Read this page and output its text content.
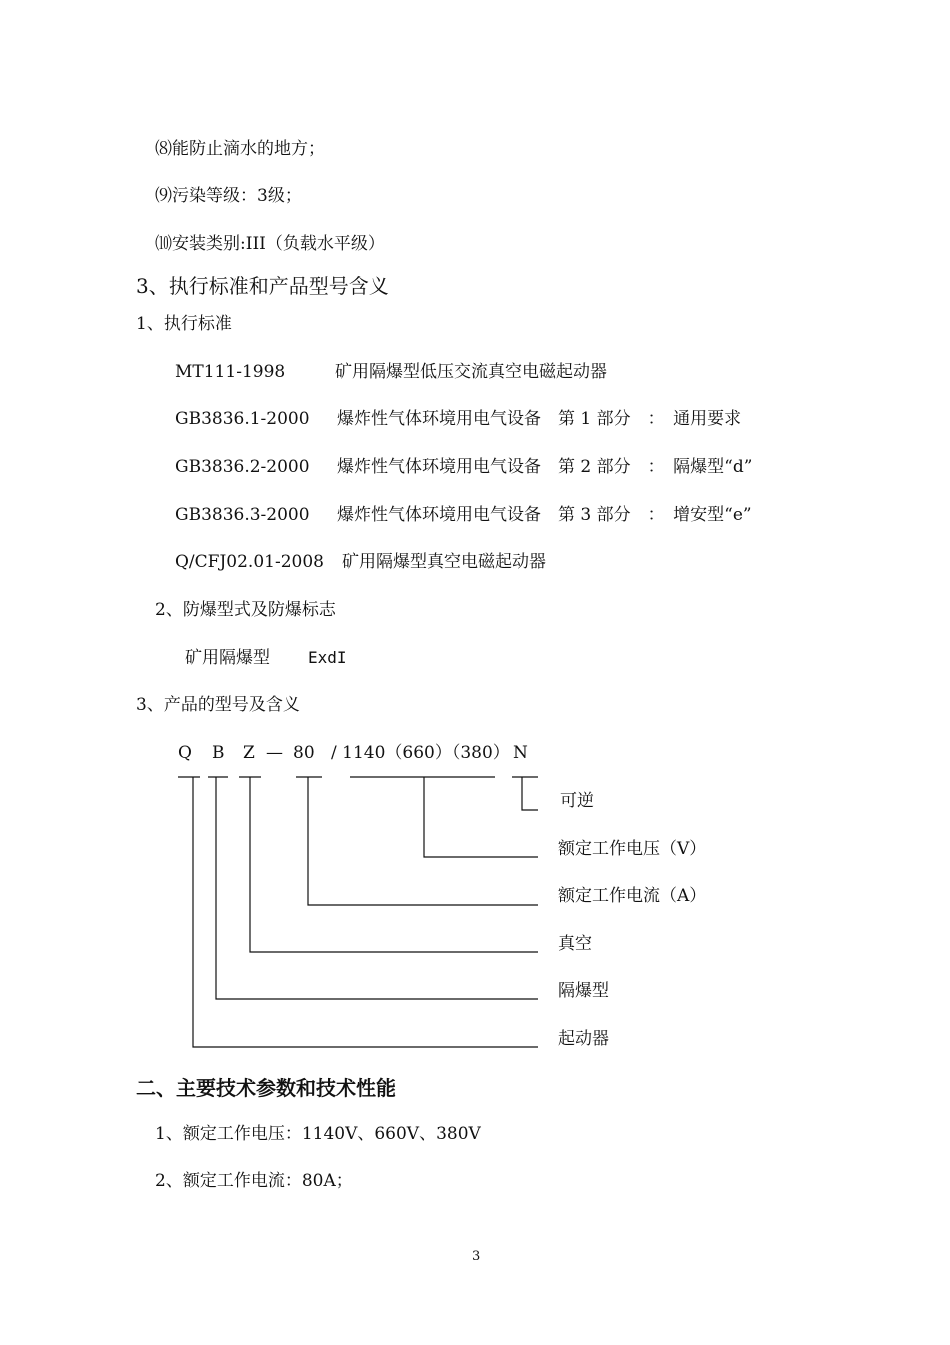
⑻能防止滴水的地方；
⑼污染等级：3级；
⑽安装类别:III（负载水平级）
3、执行标准和产品型号含义
1、执行标准
MT111-1998	矿用隔爆型低压交流真空电磁起动器
GB3836.1-2000 爆炸性气体环境用电气设备　第 1 部分　：　通用要求
GB3836.2-2000 爆炸性气体环境用电气设备　第 2 部分　：　隔爆型“d”
GB3836.3-2000 爆炸性气体环境用电气设备　第 3 部分　：　增安型“e”
Q/CFJ02.01-2008 矿用隔爆型真空电磁起动器
2、防爆型式及防爆标志
矿用隔爆型 ExdI
3、产品的型号及含义
Q B Z — 80 / 1140（660）（380） N
可逆
额定工作电压（V）
额定工作电流（A）
真空
隔爆型
起动器
二、主要技术参数和技术性能
1、额定工作电压：1140V、660V、380V
2、额定工作电流：80A；
3
